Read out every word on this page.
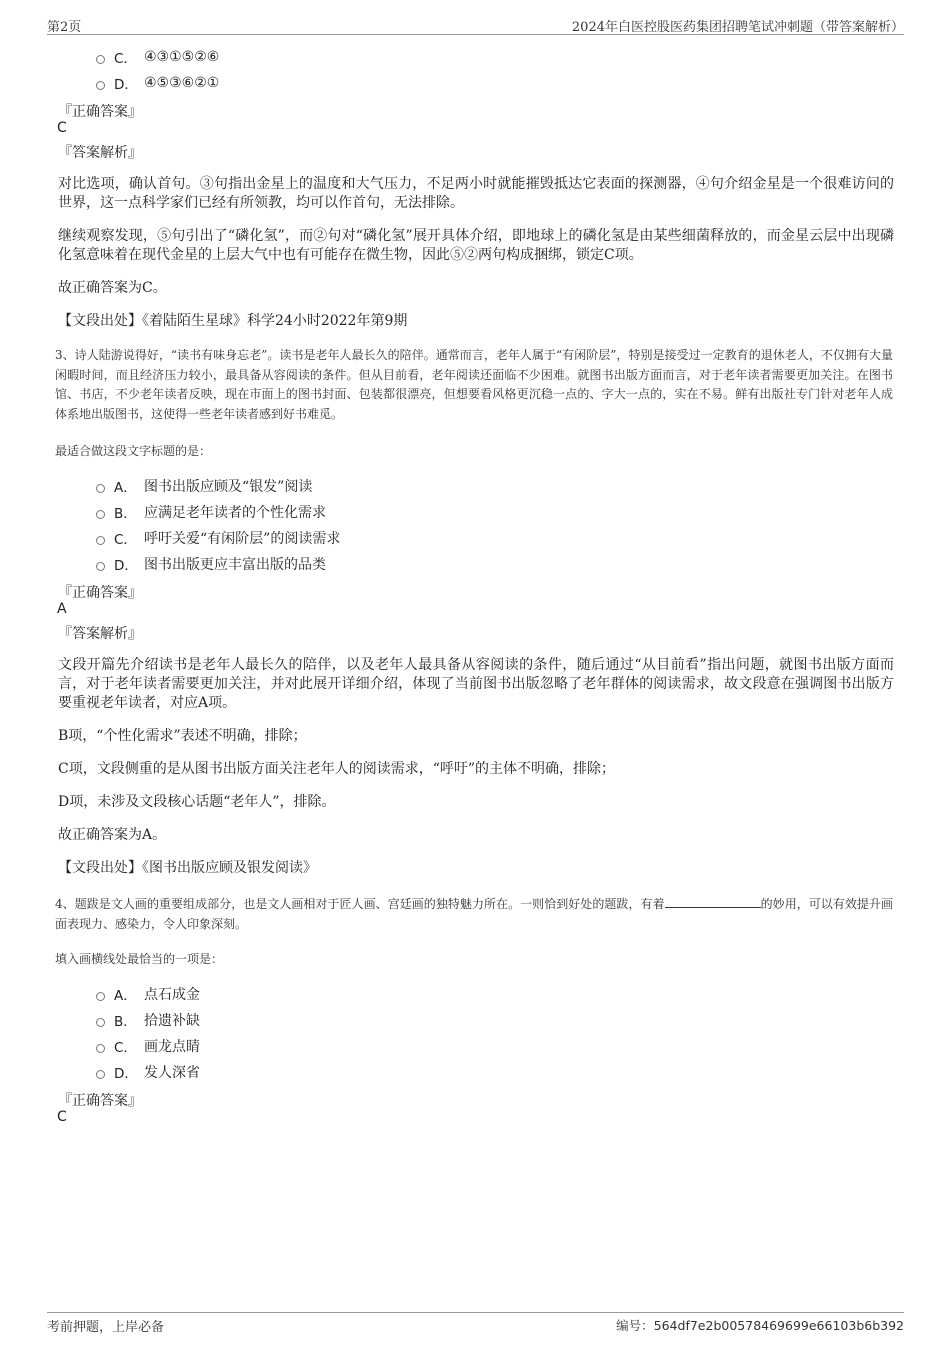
第2页	2024年白医控股医药集团招聘笔试冲刺题（带答案解析）
C． ④③①⑤②⑥
D． ④⑤③⑥②①
『正确答案』
C
『答案解析』
对比选项，确认首句。③句指出金星上的温度和大气压力，不足两小时就能摧毁抵达它表面的探测器，④句介绍金星是一个很难访问的世界，这一点科学家们已经有所领教，均可以作首句，无法排除。
继续观察发现，⑤句引出了“磷化氢”，而②句对“磷化氢”展开具体介绍，即地球上的磷化氢是由某些细菌释放的，而金星云层中出现磷化氢意味着在现代金星的上层大气中也有可能存在微生物，因此⑤②两句构成捆绑，锁定C项。
故正确答案为C。
【文段出处】《着陆陌生星球》科学24小时2022年第9期
3、诗人陆游说得好，“读书有味身忘老”。读书是老年人最长久的陪伴。通常而言，老年人属于“有闲阶层”，特别是接受过一定教育的退休老人，不仅拥有大量闲暇时间，而且经济压力较小，最具备从容阅读的条件。但从目前看，老年阅读还面临不少困难。就图书出版方面而言，对于老年读者需要更加关注。在图书馆、书店，不少老年读者反映，现在市面上的图书封面、包装都很漂亮，但想要看风格更沉稳一点的、字大一点的，实在不易。鲜有出版社专门针对老年人成体系地出版图书，这使得一些老年读者感到好书难觅。
最适合做这段文字标题的是：
A． 图书出版应顾及“银发”阅读
B． 应满足老年读者的个性化需求
C． 呼吁关爱“有闲阶层”的阅读需求
D． 图书出版更应丰富出版的品类
『正确答案』
A
『答案解析』
文段开篇先介绍读书是老年人最长久的陪伴，以及老年人最具备从容阅读的条件，随后通过“从目前看”指出问题，就图书出版方面而言，对于老年读者需要更加关注，并对此展开详细介绍，体现了当前图书出版忽略了老年群体的阅读需求，故文段意在强调图书出版方要重视老年读者，对应A项。
B项，“个性化需求”表述不明确，排除；
C项，文段侧重的是从图书出版方面关注老年人的阅读需求，“呼吁”的主体不明确，排除；
D项，未涉及文段核心话题“老年人”，排除。
故正确答案为A。
【文段出处】《图书出版应顾及银发阅读》
4、题跋是文人画的重要组成部分，也是文人画相对于匠人画、宫廷画的独特魅力所在。一则恰到好处的题跋，有着	的妙用，可以有效提升画面表现力、感染力，令人印象深刻。
填入画横线处最恰当的一项是：
A． 点石成金
B． 拾遗补缺
C． 画龙点睛
D． 发人深省
『正确答案』
C
考前押题，上岸必备	编号：564df7e2b00578469699e66103b6b392
